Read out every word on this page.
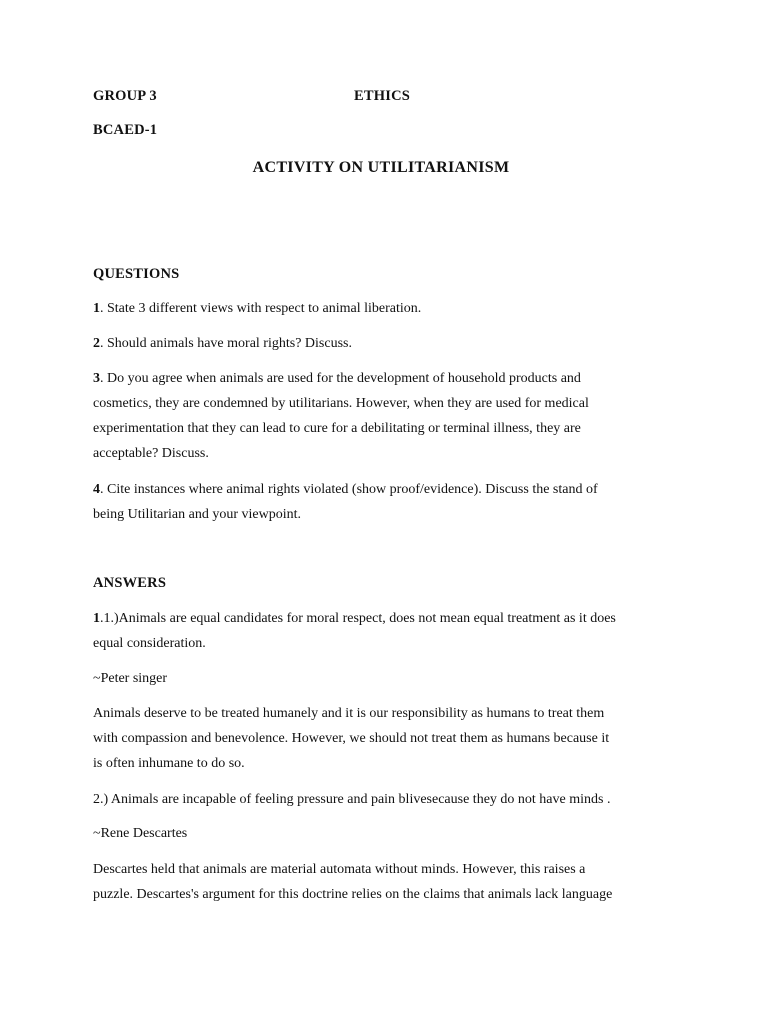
GROUP 3	ETHICS
BCAED-1
ACTIVITY ON UTILITARIANISM
QUESTIONS
1. State 3 different views with respect to animal liberation.
2. Should animals have moral rights? Discuss.
3. Do you agree when animals are used for the development of household products and
cosmetics, they are condemned by utilitarians. However, when they are used for medical
experimentation that they can lead to cure for a debilitating or terminal illness, they are
acceptable? Discuss.
4. Cite instances where animal rights violated (show proof/evidence). Discuss the stand of
being Utilitarian and your viewpoint.
ANSWERS
1.1.)Animals are equal candidates for moral respect, does not mean equal treatment as it does
equal consideration.
~Peter singer
Animals deserve to be treated humanely and it is our responsibility as humans to treat them
with compassion and benevolence. However, we should not treat them as humans because it
is often inhumane to do so.
2.) Animals are incapable of feeling pressure and pain blivesecause they do not have minds .
~Rene Descartes
Descartes held that animals are material automata without minds. However, this raises a
puzzle. Descartes's argument for this doctrine relies on the claims that animals lack language
